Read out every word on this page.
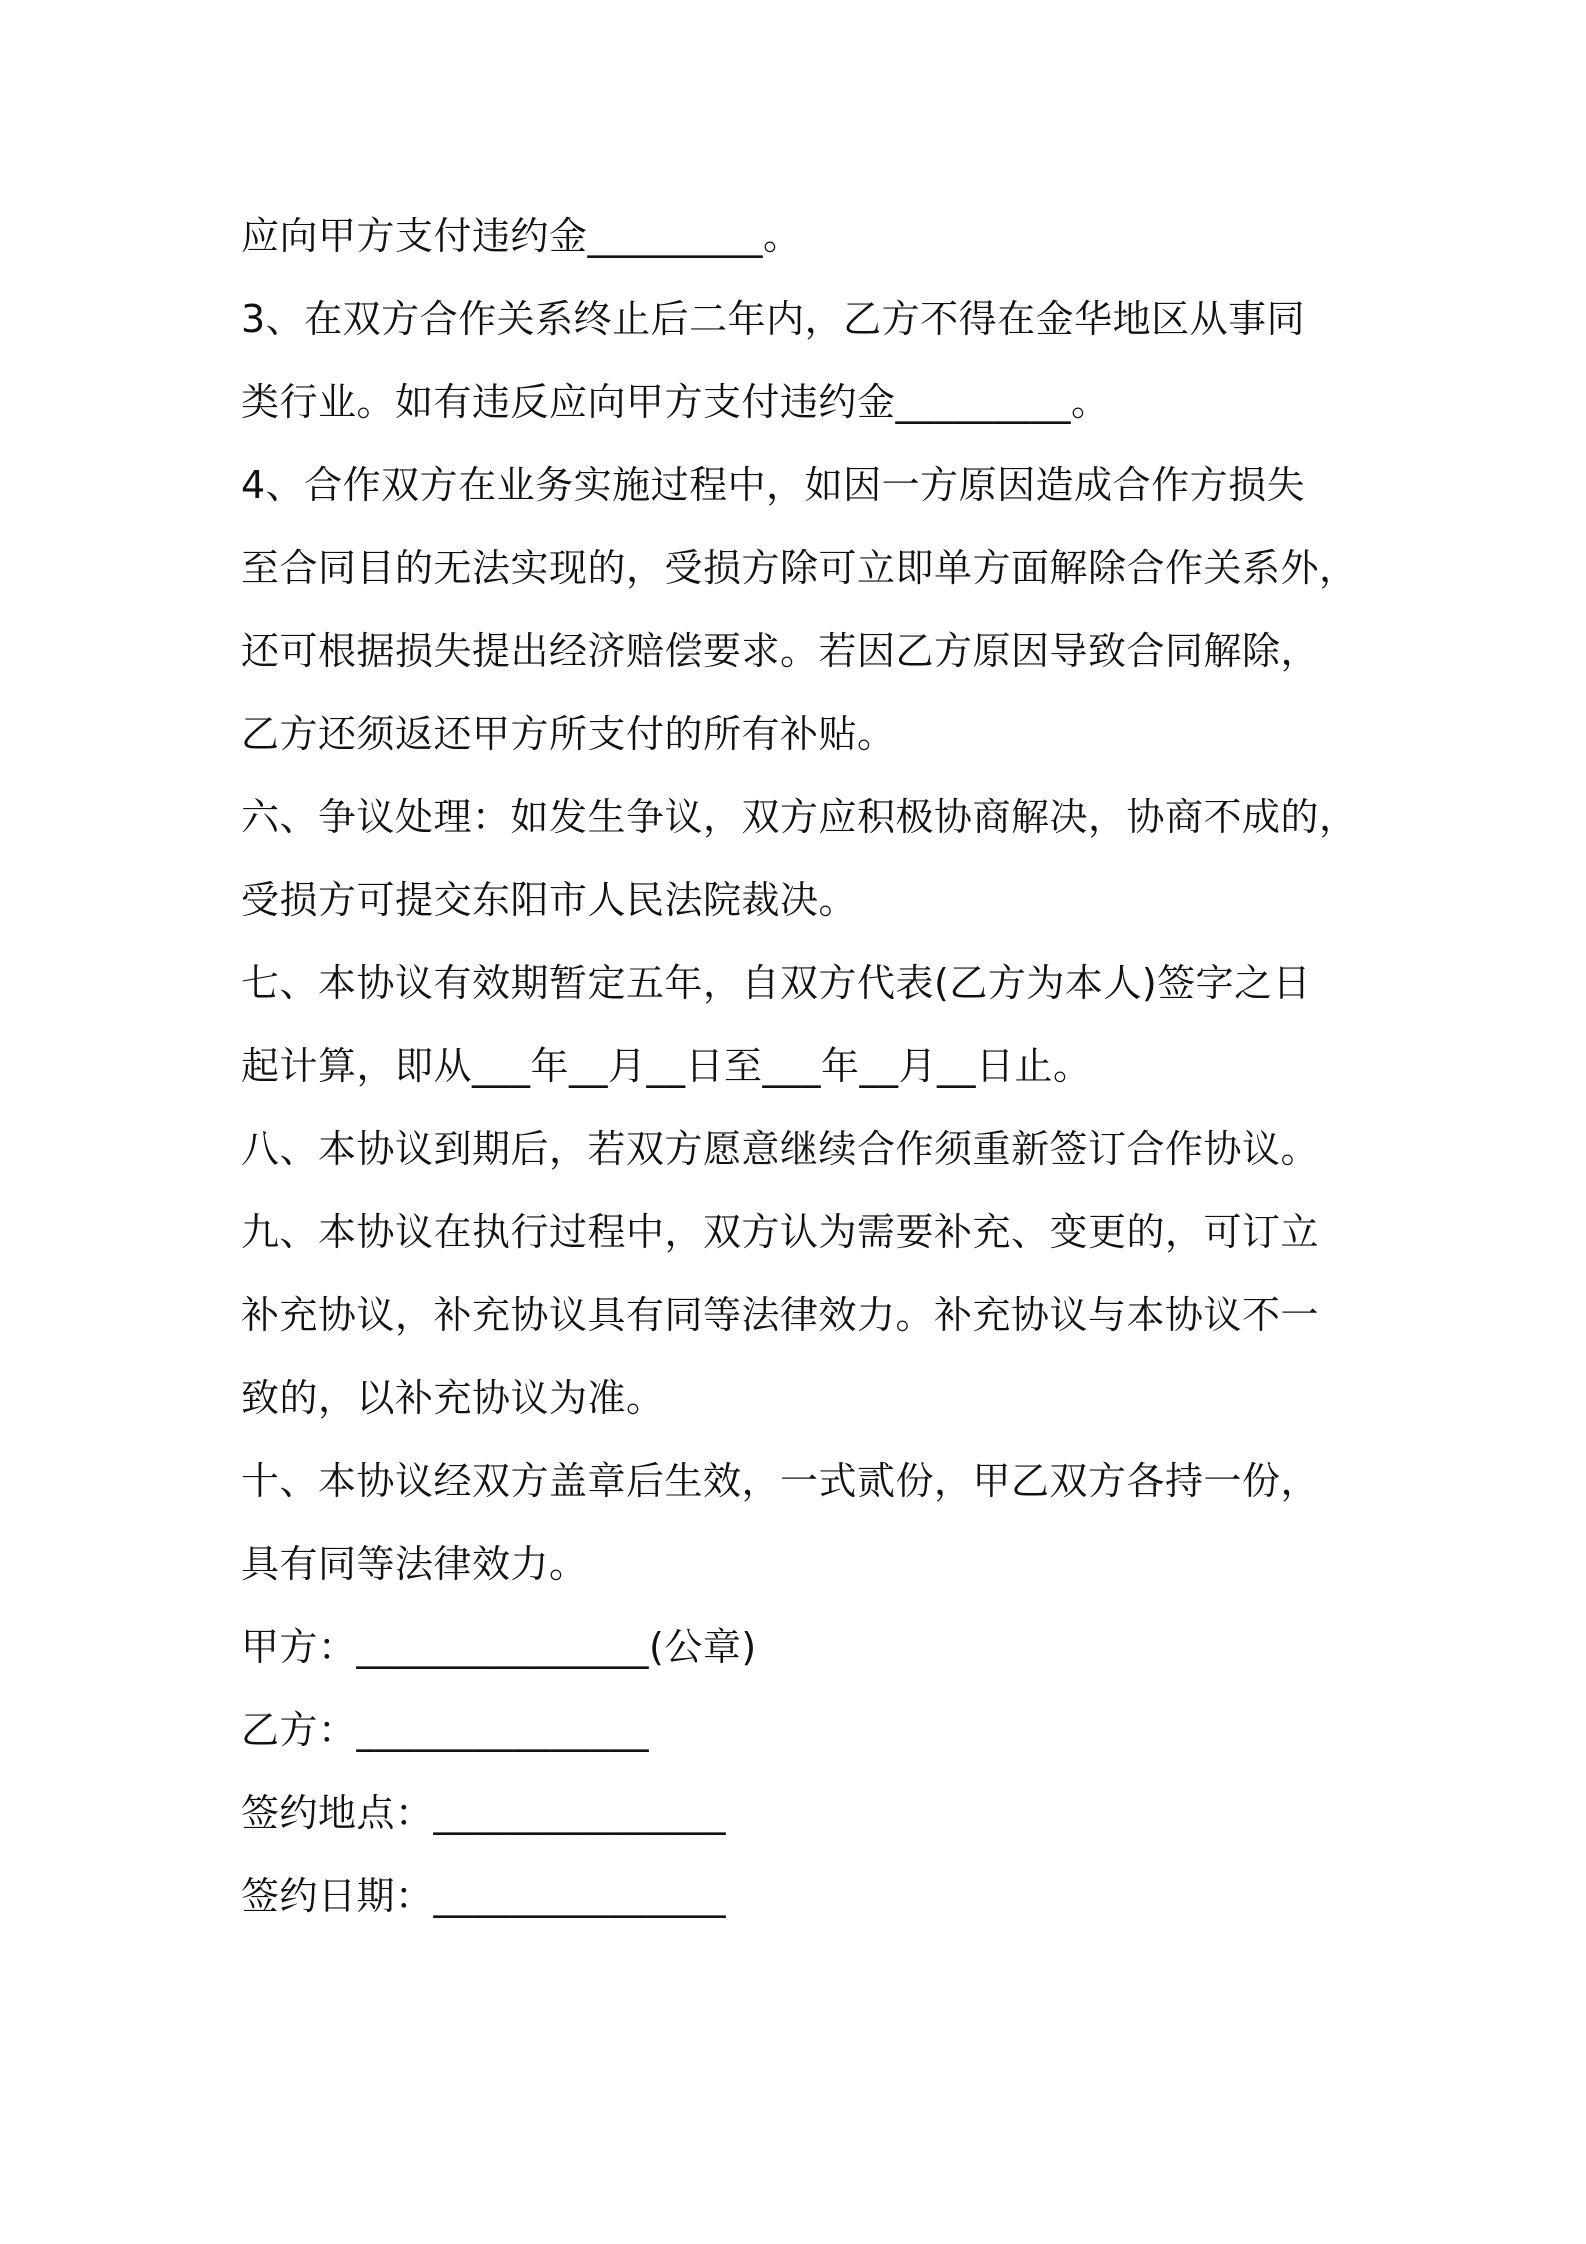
应向甲方支付违约金_________。

3、在双方合作关系终止后二年内，乙方不得在金华地区从事同

类行业。如有违反应向甲方支付违约金_________。

4、合作双方在业务实施过程中，如因一方原因造成合作方损失

至合同目的无法实现的，受损方除可立即单方面解除合作关系外，

还可根据损失提出经济赔偿要求。若因乙方原因导致合同解除，

乙方还须返还甲方所支付的所有补贴。

六、争议处理：如发生争议，双方应积极协商解决，协商不成的，

受损方可提交东阳市人民法院裁决。

七、本协议有效期暂定五年，自双方代表(乙方为本人)签字之日

起计算，即从___年__月__日至___年__月__日止。

八、本协议到期后，若双方愿意继续合作须重新签订合作协议。

九、本协议在执行过程中，双方认为需要补充、变更的，可订立

补充协议，补充协议具有同等法律效力。补充协议与本协议不一

致的，以补充协议为准。

十、本协议经双方盖章后生效，一式贰份，甲乙双方各持一份，

具有同等法律效力。

甲方：_______________(公章)

乙方：_______________

签约地点：_______________

签约日期：_______________
